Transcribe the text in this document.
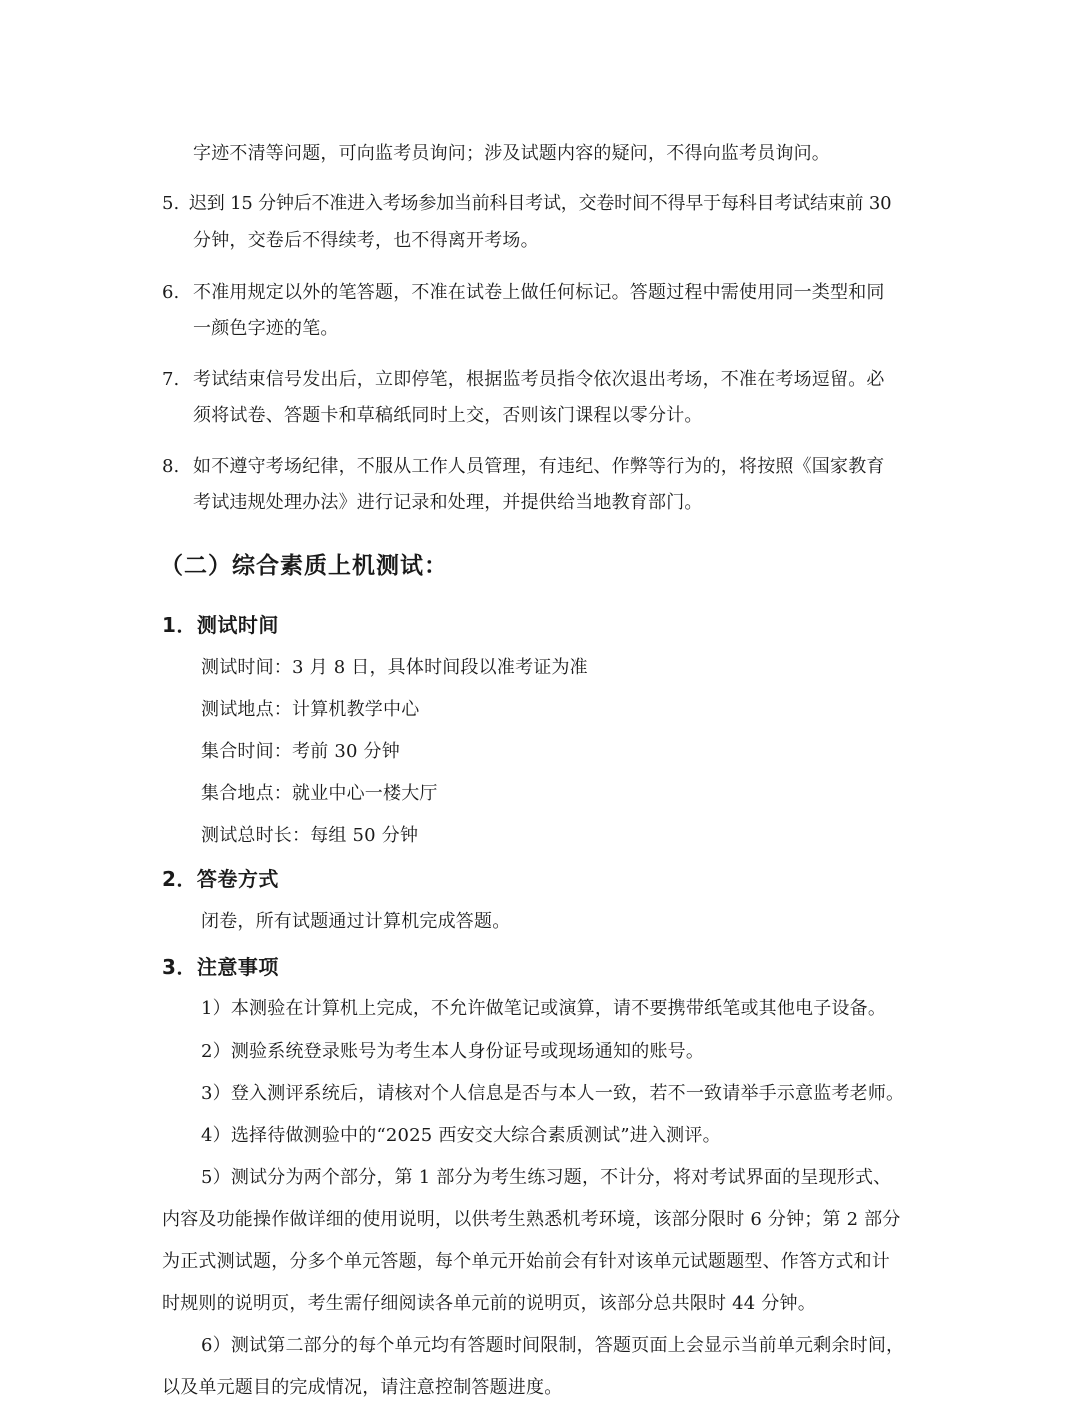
字迹不清等问题，可向监考员询问；涉及试题内容的疑问，不得向监考员询问。
5. 迟到 15 分钟后不准进入考场参加当前科目考试，交卷时间不得早于每科目考试结束前 30
分钟，交卷后不得续考，也不得离开考场。
6. 不准用规定以外的笔答题，不准在试卷上做任何标记。答题过程中需使用同一类型和同
一颜色字迹的笔。
7. 考试结束信号发出后，立即停笔，根据监考员指令依次退出考场，不准在考场逗留。必
须将试卷、答题卡和草稿纸同时上交，否则该门课程以零分计。
8. 如不遵守考场纪律，不服从工作人员管理，有违纪、作弊等行为的，将按照《国家教育
考试违规处理办法》进行记录和处理，并提供给当地教育部门。
（二）综合素质上机测试：
1．测试时间
测试时间：3 月 8 日，具体时间段以准考证为准
测试地点：计算机教学中心
集合时间：考前 30 分钟
集合地点：就业中心一楼大厅
测试总时长：每组 50 分钟
2．答卷方式
闭卷，所有试题通过计算机完成答题。
3．注意事项
1）本测验在计算机上完成，不允许做笔记或演算，请不要携带纸笔或其他电子设备。
2）测验系统登录账号为考生本人身份证号或现场通知的账号。
3）登入测评系统后，请核对个人信息是否与本人一致，若不一致请举手示意监考老师。
4）选择待做测验中的“2025 西安交大综合素质测试”进入测评。
5）测试分为两个部分，第 1 部分为考生练习题，不计分，将对考试界面的呈现形式、
内容及功能操作做详细的使用说明，以供考生熟悉机考环境，该部分限时 6 分钟；第 2 部分
为正式测试题，分多个单元答题，每个单元开始前会有针对该单元试题题型、作答方式和计
时规则的说明页，考生需仔细阅读各单元前的说明页，该部分总共限时 44 分钟。
6）测试第二部分的每个单元均有答题时间限制，答题页面上会显示当前单元剩余时间，
以及单元题目的完成情况，请注意控制答题进度。
